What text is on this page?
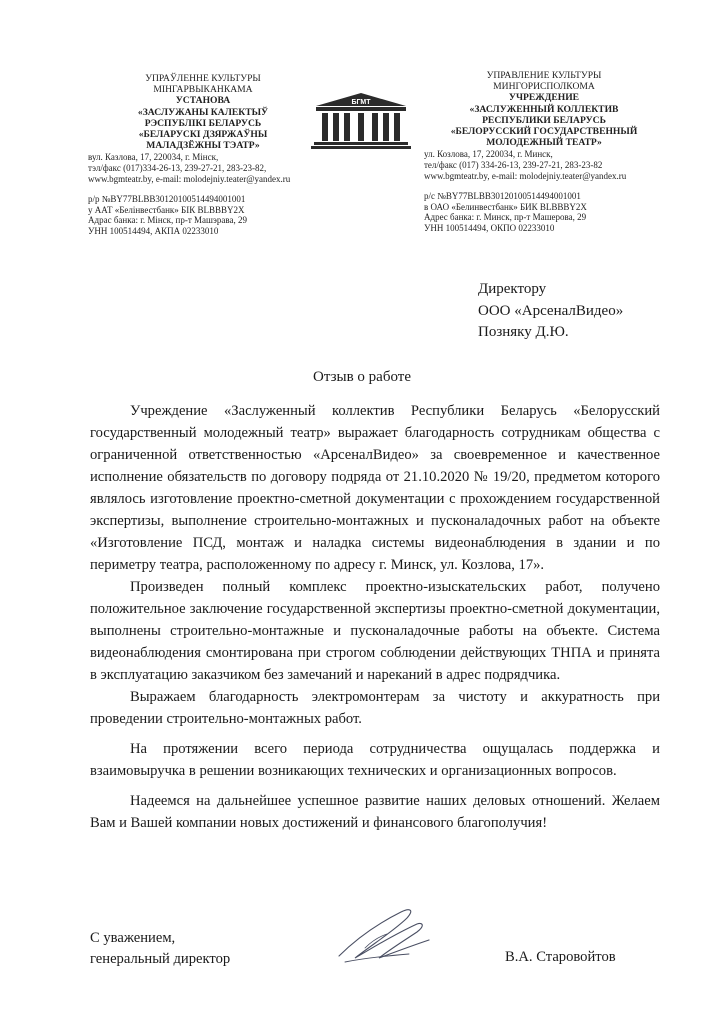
УПРАЎЛЕННЕ КУЛЬТУРЫ
МІНГАРВЫКАНКАМА
УСТАНОВА
«ЗАСЛУЖАНЫ КАЛЕКТЫЎ
РЭСПУБЛІКІ БЕЛАРУСЬ
«БЕЛАРУСКІ ДЗЯРЖАЎНЫ
МАЛАДЗЁЖНЫ ТЭАТР»
вул. Казлова, 17, 220034, г. Мінск,
тэл/факс (017)334-26-13, 239-27-21, 283-23-82,
www.bgmteatr.by, e-mail: molodejniy.teater@yandex.ru
р/р №BY77BLBB30120100514494001001
у ААТ «Белінвестбанк» БІК BLBBBY2X
Адрас банка: г. Мінск, пр-т Машэрава, 29
УНН 100514494, АКПА 02233010
БГМТ
УПРАВЛЕНИЕ КУЛЬТУРЫ
МИНГОРИСПОЛКОМА
УЧРЕЖДЕНИЕ
«ЗАСЛУЖЕННЫЙ КОЛЛЕКТИВ
РЕСПУБЛИКИ БЕЛАРУСЬ
«БЕЛОРУССКИЙ ГОСУДАРСТВЕННЫЙ
МОЛОДЕЖНЫЙ ТЕАТР»
ул. Козлова, 17, 220034, г. Минск,
тел/факс (017) 334-26-13, 239-27-21, 283-23-82
www.bgmteatr.by, e-mail: molodejniy.teater@yandex.ru
р/с №BY77BLBB30120100514494001001
в ОАО «Белинвестбанк» БИК BLBBBY2X
Адрес банка: г. Минск, пр-т Машерова, 29
УНН 100514494, ОКПО 02233010
Директору
ООО «АрсеналВидео»
Позняку Д.Ю.
Отзыв о работе

Учреждение «Заслуженный коллектив Республики Беларусь «Белорусский государственный молодежный театр» выражает благодарность сотрудникам общества с ограниченной ответственностью «АрсеналВидео» за своевременное и качественное исполнение обязательств по договору подряда от 21.10.2020 № 19/20, предметом которого являлось изготовление проектно-сметной документации с прохождением государственной экспертизы, выполнение строительно-монтажных и пусконаладочных работ на объекте «Изготовление ПСД, монтаж и наладка системы видеонаблюдения в здании и по периметру театра, расположенному по адресу г. Минск, ул. Козлова, 17».

Произведен полный комплекс проектно-изыскательских работ, получено положительное заключение государственной экспертизы проектно-сметной документации, выполнены строительно-монтажные и пусконаладочные работы на объекте. Система видеонаблюдения смонтирована при строгом соблюдении действующих ТНПА и принята в эксплуатацию заказчиком без замечаний и нареканий в адрес подрядчика.

Выражаем благодарность электромонтерам за чистоту и аккуратность при проведении строительно-монтажных работ.

На протяжении всего периода сотрудничества ощущалась поддержка и взаимовыручка в решении возникающих технических и организационных вопросов.

Надеемся на дальнейшее успешное развитие наших деловых отношений. Желаем Вам и Вашей компании новых достижений и финансового благополучия!

С уважением,
генеральный директор	В.А. Старовойтов
